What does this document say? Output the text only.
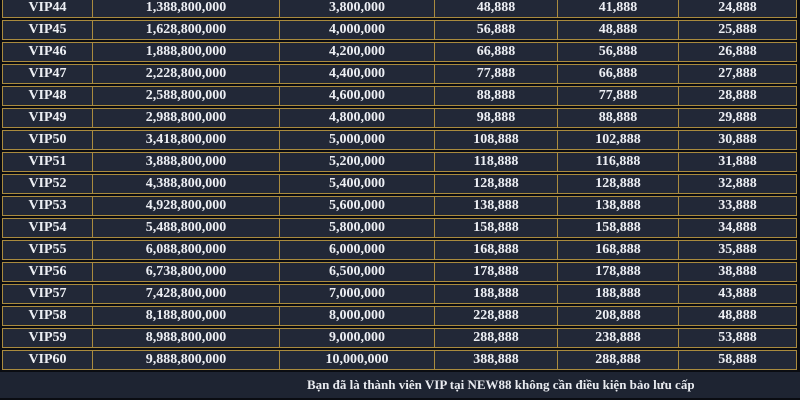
VIP44	1,388,800,000	3,800,000	48,888	41,888	24,888
VIP45	1,628,800,000	4,000,000	56,888	48,888	25,888
VIP46	1,888,800,000	4,200,000	66,888	56,888	26,888
VIP47	2,228,800,000	4,400,000	77,888	66,888	27,888
VIP48	2,588,800,000	4,600,000	88,888	77,888	28,888
VIP49	2,988,800,000	4,800,000	98,888	88,888	29,888
VIP50	3,418,800,000	5,000,000	108,888	102,888	30,888
VIP51	3,888,800,000	5,200,000	118,888	116,888	31,888
VIP52	4,388,800,000	5,400,000	128,888	128,888	32,888
VIP53	4,928,800,000	5,600,000	138,888	138,888	33,888
VIP54	5,488,800,000	5,800,000	158,888	158,888	34,888
VIP55	6,088,800,000	6,000,000	168,888	168,888	35,888
VIP56	6,738,800,000	6,500,000	178,888	178,888	38,888
VIP57	7,428,800,000	7,000,000	188,888	188,888	43,888
VIP58	8,188,800,000	8,000,000	228,888	208,888	48,888
VIP59	8,988,800,000	9,000,000	288,888	238,888	53,888
VIP60	9,888,800,000	10,000,000	388,888	288,888	58,888
Bạn đã là thành viên VIP tại NEW88 không cần điều kiện bảo lưu cấp
